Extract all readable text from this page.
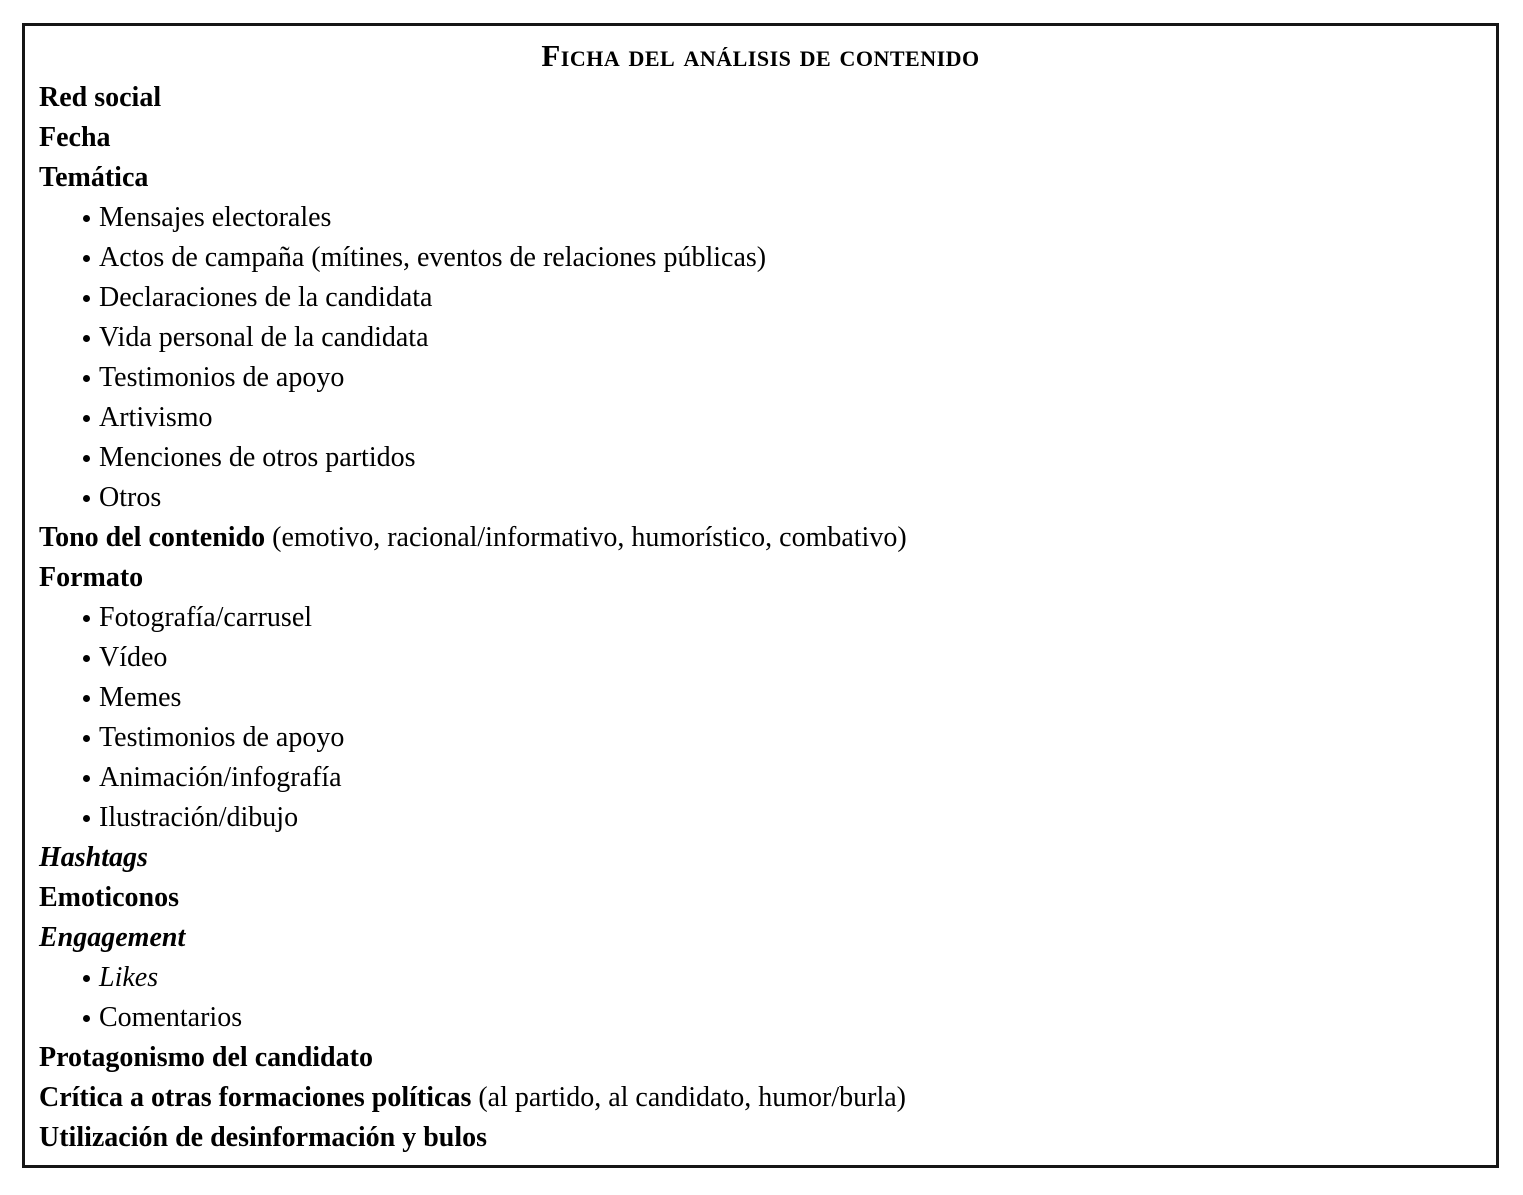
Ficha del análisis de contenido
Red social
Fecha
Temática
Mensajes electorales
Actos de campaña (mítines, eventos de relaciones públicas)
Declaraciones de la candidata
Vida personal de la candidata
Testimonios de apoyo
Artivismo
Menciones de otros partidos
Otros
Tono del contenido (emotivo, racional/informativo, humorístico, combativo)
Formato
Fotografía/carrusel
Vídeo
Memes
Testimonios de apoyo
Animación/infografía
Ilustración/dibujo
Hashtags
Emoticonos
Engagement
Likes
Comentarios
Protagonismo del candidato
Crítica a otras formaciones políticas (al partido, al candidato, humor/burla)
Utilización de desinformación y bulos
